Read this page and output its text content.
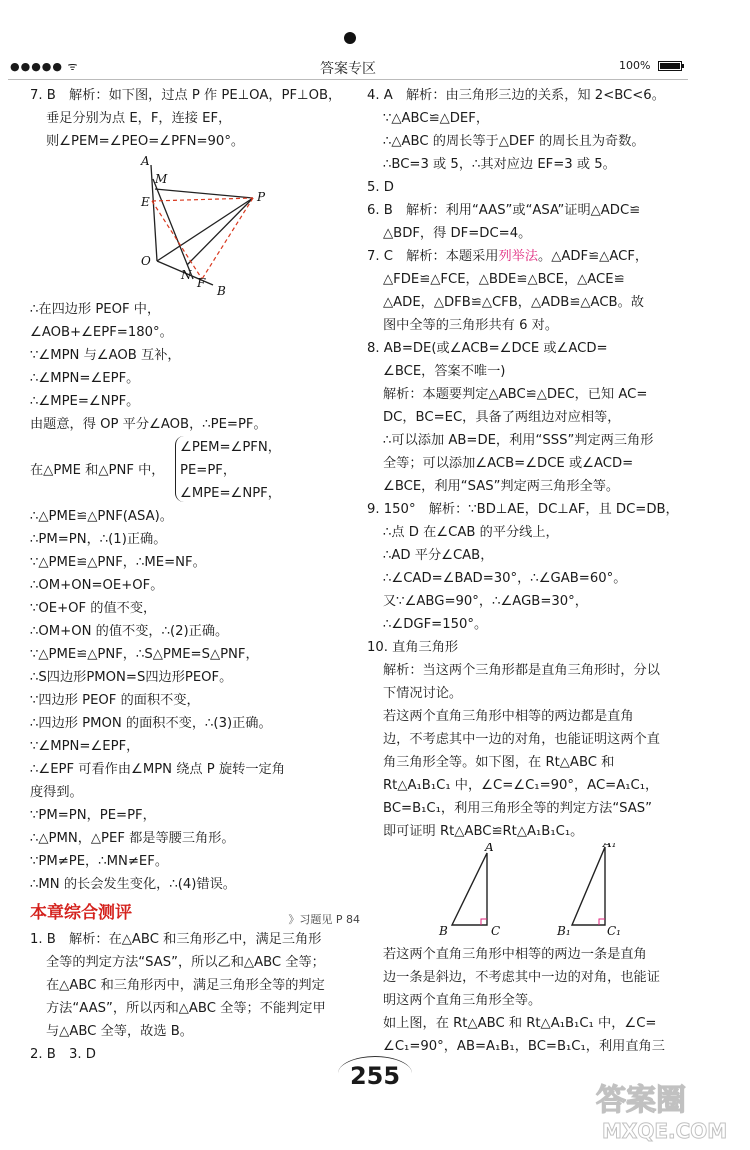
●●●●● ᯤ	答案专区	100%
7. B　解析：如下图，过点 P 作 PE⊥OA，PF⊥OB，
垂足分别为点 E，F，连接 EF，
则∠PEM=∠PEO=∠PFN=90°。
A
M
E	P
O
N
F
B
∴在四边形 PEOF 中，
∠AOB+∠EPF=180°。
∵∠MPN 与∠AOB 互补，
∴∠MPN=∠EPF。
∴∠MPE=∠NPF。
由题意，得 OP 平分∠AOB，∴PE=PF。
在△PME 和△PNF 中，
∠PEM=∠PFN，
PE=PF，
∠MPE=∠NPF，
∴△PME≌△PNF(ASA)。
∴PM=PN，∴(1)正确。
∵△PME≌△PNF，∴ME=NF。
∴OM+ON=OE+OF。
∵OE+OF 的值不变，
∴OM+ON 的值不变，∴(2)正确。
∵△PME≌△PNF，∴S△PME=S△PNF，
∴S四边形PMON=S四边形PEOF。
∵四边形 PEOF 的面积不变，
∴四边形 PMON 的面积不变，∴(3)正确。
∵∠MPN=∠EPF，
∴∠EPF 可看作由∠MPN 绕点 P 旋转一定角
度得到。
∵PM=PN，PE=PF，
∴△PMN，△PEF 都是等腰三角形。
∵PM≠PE，∴MN≠EF。
∴MN 的长会发生变化，∴(4)错误。
本章综合测评	》习题见 P 84
1. B　解析：在△ABC 和三角形乙中，满足三角形
全等的判定方法“SAS”，所以乙和△ABC 全等；
在△ABC 和三角形丙中，满足三角形全等的判定
方法“AAS”，所以丙和△ABC 全等；不能判定甲
与△ABC 全等，故选 B。
2. B　3. D
4. A　解析：由三角形三边的关系，知 2<BC<6。
∵△ABC≌△DEF，
∴△ABC 的周长等于△DEF 的周长且为奇数。
∴BC=3 或 5，∴其对应边 EF=3 或 5。
5. D
6. B　解析：利用“AAS”或“ASA”证明△ADC≌
△BDF，得 DF=DC=4。
7. C　解析：本题采用列举法。△ADF≌△ACF，
△FDE≌△FCE，△BDE≌△BCE，△ACE≌
△ADE，△DFB≌△CFB，△ADB≌△ACB。故
图中全等的三角形共有 6 对。
8. AB=DE(或∠ACB=∠DCE 或∠ACD=
∠BCE，答案不唯一)
解析：本题要判定△ABC≌△DEC，已知 AC=
DC，BC=EC，具备了两组边对应相等，
∴可以添加 AB=DE，利用“SSS”判定两三角形
全等；可以添加∠ACB=∠DCE 或∠ACD=
∠BCE，利用“SAS”判定两三角形全等。
9. 150°　解析：∵BD⊥AE，DC⊥AF，且 DC=DB，
∴点 D 在∠CAB 的平分线上，
∴AD 平分∠CAB，
∴∠CAD=∠BAD=30°，∴∠GAB=60°。
又∵∠ABG=90°，∴∠AGB=30°，
∴∠DGF=150°。
10. 直角三角形
解析：当这两个三角形都是直角三角形时，分以
下情况讨论。
若这两个直角三角形中相等的两边都是直角
边，不考虑其中一边的对角，也能证明这两个直
角三角形全等。如下图，在 Rt△ABC 和
Rt△A₁B₁C₁ 中，∠C=∠C₁=90°，AC=A₁C₁，
BC=B₁C₁，利用三角形全等的判定方法“SAS”
即可证明 Rt△ABC≌Rt△A₁B₁C₁。
A
B	C
A₁
B₁	C₁
若这两个直角三角形中相等的两边一条是直角
边一条是斜边，不考虑其中一边的对角，也能证
明这两个直角三角形全等。
如上图，在 Rt△ABC 和 Rt△A₁B₁C₁ 中，∠C=
∠C₁=90°，AB=A₁B₁，BC=B₁C₁，利用直角三
255
答案圈
MXQE.COM
